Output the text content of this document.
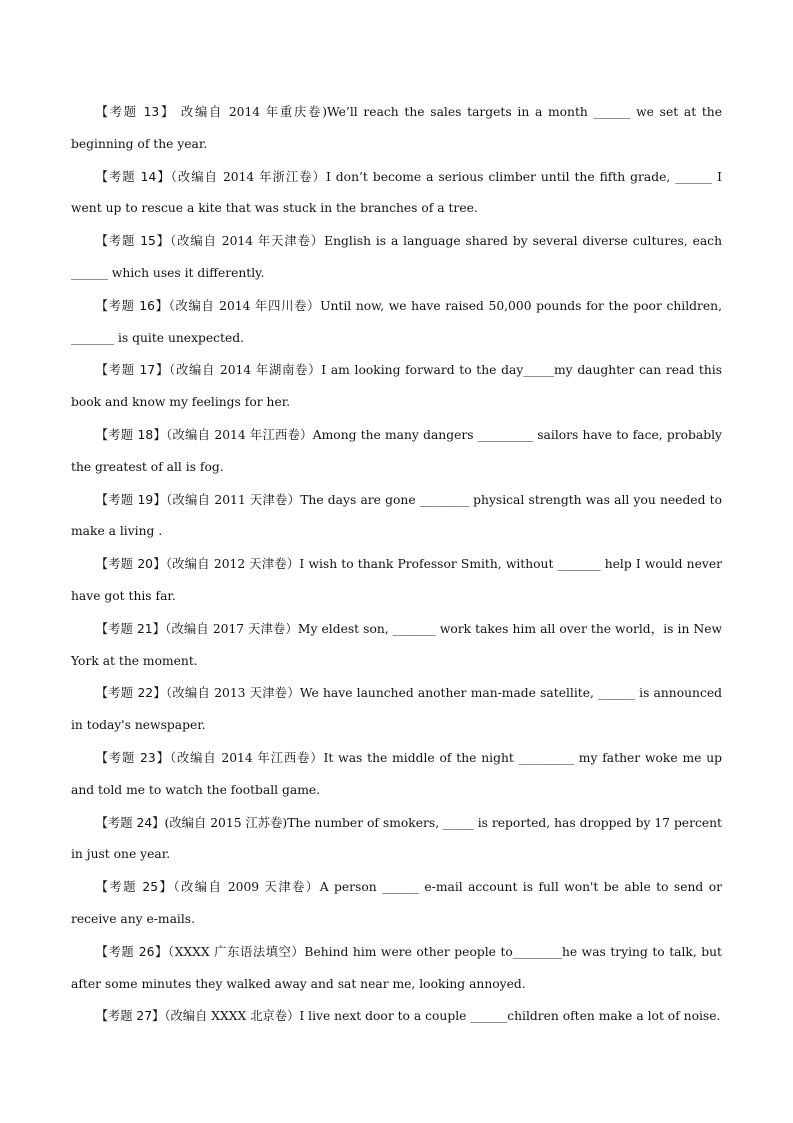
【考题 13】 改编自 2014 年重庆卷)We’ll reach the sales targets in a month ______ we set at the beginning of the year.

【考题 14】（改编自 2014 年浙江卷）I don’t become a serious climber until the fifth grade, ______ I went up to rescue a kite that was stuck in the branches of a tree.

【考题 15】（改编自 2014 年天津卷）English is a language shared by several diverse cultures, each ______ which uses it differently.

【考题 16】（改编自 2014 年四川卷）Until now, we have raised 50,000 pounds for the poor children, _______ is quite unexpected.

【考题 17】（改编自 2014 年湖南卷）I am looking forward to the day_____my daughter can read this book and know my feelings for her.

【考题 18】（改编自 2014 年江西卷）Among the many dangers _________ sailors have to face, probably the greatest of all is fog.

【考题 19】（改编自 2011 天津卷）The days are gone ________ physical strength was all you needed to make a living .

【考题 20】（改编自 2012 天津卷）I wish to thank Professor Smith, without _______ help I would never have got this far.

【考题 21】（改编自 2017 天津卷）My eldest son, _______ work takes him all over the world，is in New York at the moment.

【考题 22】（改编自 2013 天津卷）We have launched another man-made satellite, ______ is announced in today's newspaper.

【考题 23】（改编自 2014 年江西卷）It was the middle of the night _________ my father woke me up and told me to watch the football game.

【考题 24】(改编自 2015 江苏卷)The number of smokers, _____ is reported, has dropped by 17 percent in just one year.

【考题 25】（改编自 2009 天津卷）A person ______ e-mail account is full won't be able to send or receive any e-mails.

【考题 26】（XXXX 广东语法填空）Behind him were other people to________he was trying to talk, but after some minutes they walked away and sat near me, looking annoyed.

【考题 27】（改编自 XXXX 北京卷）I live next door to a couple ______children often make a lot of noise.
